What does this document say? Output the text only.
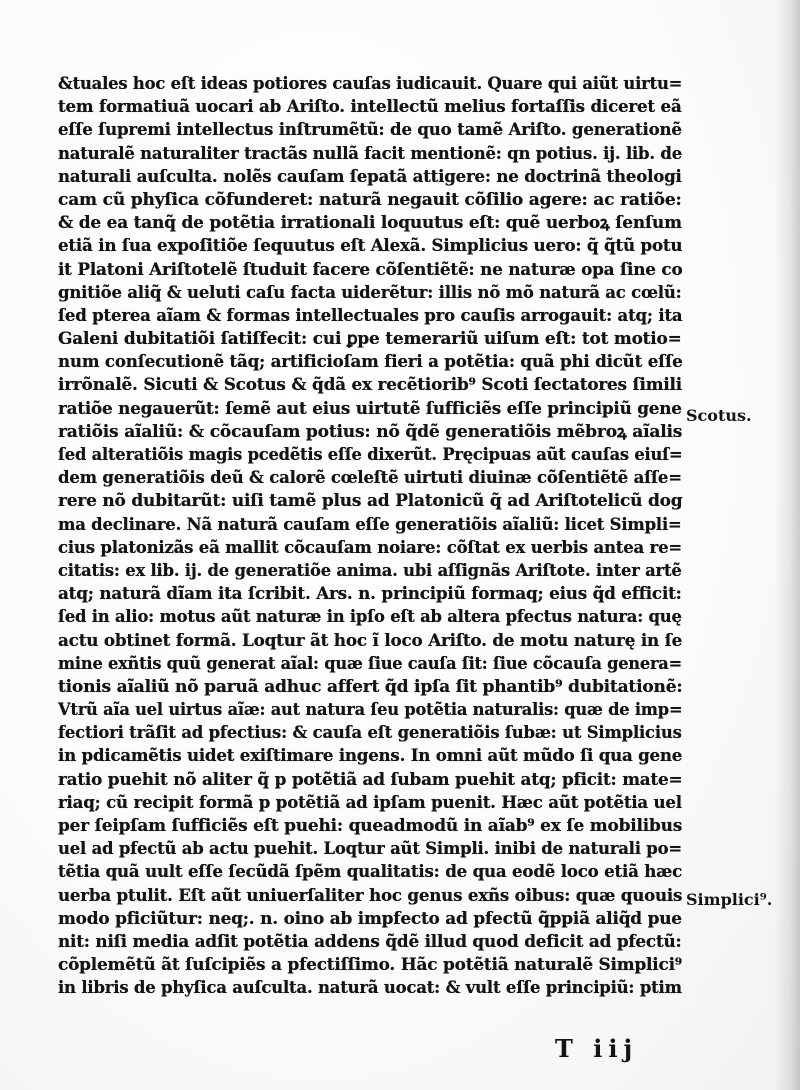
&tuales hoc eſt ideas potiores cauſas iudicauit. Quare qui aiũt uirtu=
tem formatiuã uocari ab Ariſto. intellectũ melius fortaſſis diceret eã
eſſe ſupremi intellectus inſtrumẽtũ: de quo tamẽ Ariſto. generationẽ
naturalẽ naturaliter tractãs nullã facit mentionẽ: qn potius. ij. lib. de
naturali auſculta. nolẽs cauſam ſepatã attigere: ne doctrinã theologi
cam cũ phyſica cõfunderet: naturã negauit cõſilio agere: ac ratiõe:
& de ea tanq̃ de potẽtia irrationali loquutus eſt: quẽ uerboꝝ ſenſum
etiã in ſua expoſitiõe ſequutus eſt Alexã. Simplicius uero: q̃ q̃tũ potu
it Platoni Ariſtotelẽ ſtuduit facere cõſentiẽtẽ: ne naturæ opa ſine co
gnitiõe aliq̃ & ueluti caſu facta uiderẽtur: illis nõ mõ naturã ac cœlũ:
ſed pterea aĩam & formas intellectuales pro cauſis arrogauit: atq; ita
Galeni dubitatiõi ſatiſfecit: cui ꝑpe temerariũ uiſum eſt: tot motio=
num conſecutionẽ tãq; artificioſam fieri a potẽtia: quã phi dicũt eſſe
irrõnalẽ. Sicuti & Scotus & q̃dã ex recẽtiorib⁹ Scoti ſectatores ſimili
ratiõe negauerũt: ſemẽ aut eius uirtutẽ ſufficiẽs eſſe principiũ gene
ratiõis aĩaliũ: & cõcauſam potius: nõ q̃dẽ generatiõis mẽbroꝝ aĩalis
ſed alteratiõis magis pcedẽtis eſſe dixerũt. Pręcipuas aũt cauſas eiuſ=
dem generatiõis deũ & calorẽ cœleſtẽ uirtuti diuinæ cõſentiẽtẽ aſſe=
rere nõ dubitarũt: uiſi tamẽ plus ad Platonicũ q̃ ad Ariſtotelicũ dog
ma declinare. Nã naturã cauſam eſſe generatiõis aĩaliũ: licet Simpli=
cius platonizãs eã mallit cõcauſam noiare: cõſtat ex uerbis antea re=
citatis: ex lib. ij. de generatiõe anima. ubi aſſignãs Ariſtote. inter artẽ
atq; naturã dĩam ita ſcribit. Ars. n. principiũ formaq; eius q̃d efficit:
ſed in alio: motus aũt naturæ in ipſo eſt ab altera pfectus natura: quę
actu obtinet formã. Loqtur ãt hoc ĩ loco Ariſto. de motu naturę in ſe
mine exñtis quũ generat aĩal: quæ ſiue cauſa ſit: ſiue cõcauſa genera=
tionis aĩaliũ nõ paruã adhuc affert q̃d ipſa ſit phantib⁹ dubitationẽ:
Vtrũ aĩa uel uirtus aĩæ: aut natura ſeu potẽtia naturalis: quæ de imp=
fectiori trãſit ad pfectius: & cauſa eſt generatiõis ſubæ: ut Simplicius
in pdicamẽtis uidet exiſtimare ingens. In omni aũt mũdo ſi qua gene
ratio puehit nõ aliter q̃ p potẽtiã ad ſubam puehit atq; pficit: mate=
riaq; cũ recipit formã p potẽtiã ad ipſam puenit. Hæc aũt potẽtia uel
per ſeipſam ſufficiẽs eſt puehi: queadmodũ in aĩab⁹ ex ſe mobilibus
uel ad pfectũ ab actu puehit. Loqtur aũt Simpli. inibi de naturali po=
tẽtia quã uult eſſe ſecũdã ſpẽm qualitatis: de qua eodẽ loco etiã hæc
uerba ptulit. Eſt aũt uniuerſaliter hoc genus exñs oibus: quæ quouis
modo pficiũtur: neq;. n. oino ab impfecto ad pfectũ q̃ppiã aliq̃d pue
nit: niſi media adſit potẽtia addens q̃dẽ illud quod deficit ad pfectũ:
cõplemẽtũ ãt ſuſcipiẽs a pfectiſſimo. Hãc potẽtiã naturalẽ Simplici⁹
in libris de phyſica auſculta. naturã uocat: & vult eſſe principiũ: ptim
Scotus.
Simplici⁹.
T iij
